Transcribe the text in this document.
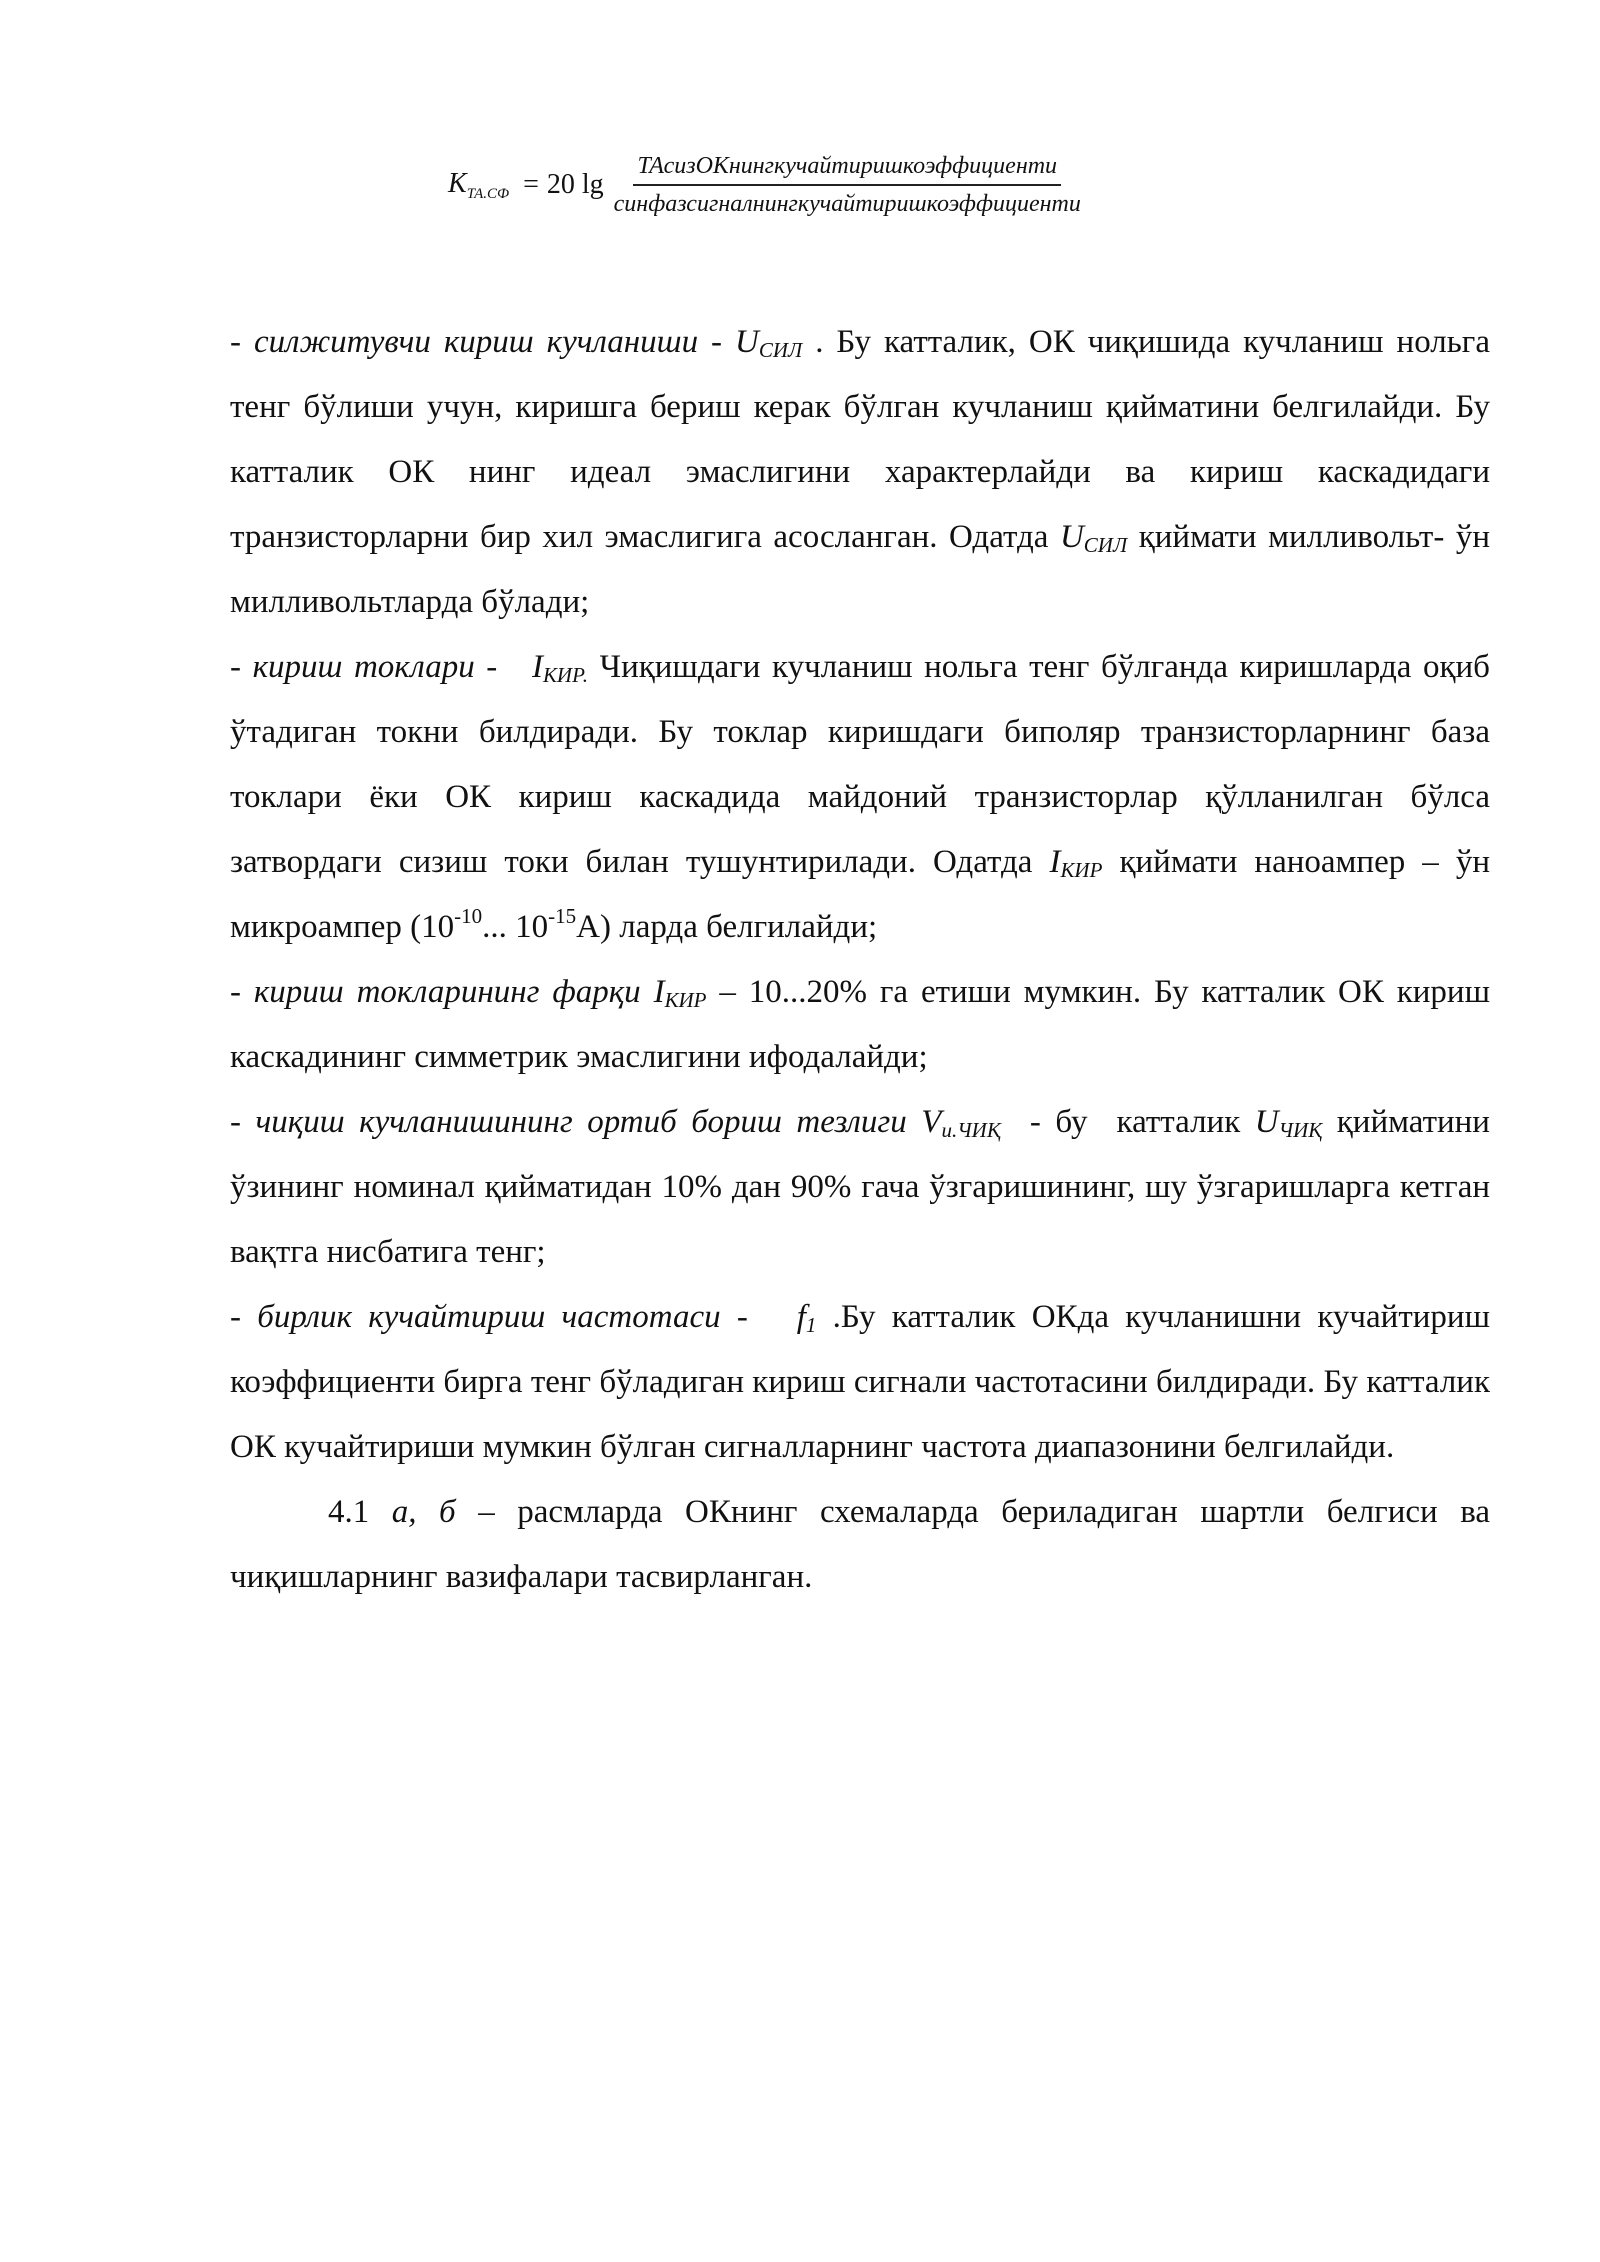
$K_{ТА.СФ} = 20$ $\lg \frac{\text{ТАсизОКнингкучайтиришкоэффициенти}}{\text{синфазсигналнингкучайтиришкоэффициенти}}$

- силжитувчи кириш кучланиши - $U_{СИЛ}$ . Бу катталик, ОК чиқишида кучланиш нольга тенг бўлиши учун, киришга бериш керак бўлган кучланиш қийматини белгилайди. Бу катталик ОК нинг идеал эмаслигини характерлайди ва кириш каскадидаги транзисторларни бир хил эмаслигига асосланган. Одатда $U_{СИЛ}$ қиймати милливольт- ўн милливольтларда бўлади;

- кириш токлари -   $I_{КИР.}$ Чиқишдаги кучланиш нольга тенг бўлганда киришларда оқиб ўтадиган токни билдиради. Бу токлар киришдаги биполяр транзисторларнинг база токлари ёки ОК кириш каскадида майдоний транзисторлар қўлланилган бўлса затвордаги сизиш токи билан тушунтирилади. Одатда $I_{КИР}$ қиймати наноампер – ўн микроампер ($10^{-10}$... $10^{-15}А$) ларда белгилайди;

- кириш токларининг фарқи $I_{КИР} - 10...20\%$ га етиши мумкин. Бу катталик ОК кириш каскадининг симметрик эмаслигини ифодалайди;

- чиқиш кучланишининг ортиб бориш тезлиги $V_{u.ЧИҚ}$  - бу  катталик $U_{ЧИҚ}$ қийматини ўзининг номинал қийматидан 10% дан 90% гача ўзгаришининг, шу ўзгаришларга кетган вақтга нисбатига тенг;

- бирлик кучайтириш частотаси -   $f_1$ .Бу катталик ОКда кучланишни кучайтириш коэффициенти бирга тенг бўладиган кириш сигнали частотасини билдиради. Бу катталик ОК кучайтириши мумкин бўлган сигналларнинг частота диапазонини белгилайди.

4.1 а, б – расмларда ОКнинг схемаларда бериладиган шартли белгиси ва чиқишларнинг вазифалари тасвирланган.
